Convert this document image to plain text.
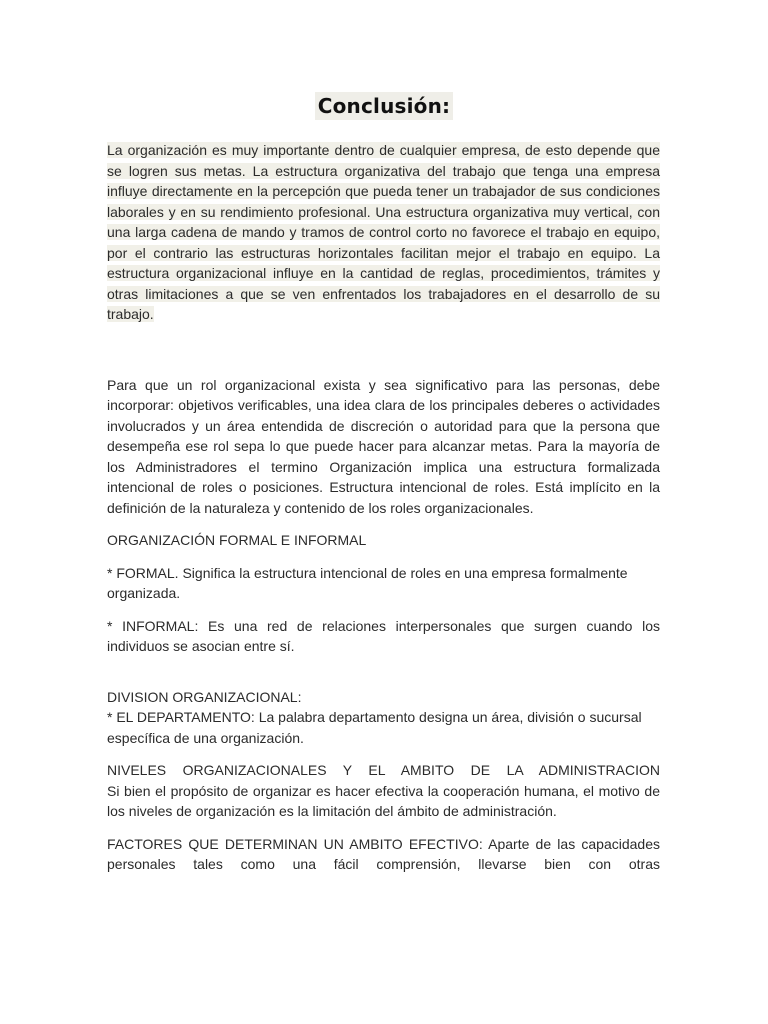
Conclusión:

La organización es muy importante dentro de cualquier empresa, de esto depende que se logren sus metas. La estructura organizativa del trabajo que tenga una empresa influye directamente en la percepción que pueda tener un trabajador de sus condiciones laborales y en su rendimiento profesional. Una estructura organizativa muy vertical, con una larga cadena de mando y tramos de control corto no favorece el trabajo en equipo, por el contrario las estructuras horizontales facilitan mejor el trabajo en equipo. La estructura organizacional influye en la cantidad de reglas, procedimientos, trámites y otras limitaciones a que se ven enfrentados los trabajadores en el desarrollo de su trabajo.

Para que un rol organizacional exista y sea significativo para las personas, debe incorporar: objetivos verificables, una idea clara de los principales deberes o actividades involucrados y un área entendida de discreción o autoridad para que la persona que desempeña ese rol sepa lo que puede hacer para alcanzar metas. Para la mayoría de los Administradores el termino Organización implica una estructura formalizada intencional de roles o posiciones. Estructura intencional de roles. Está implícito en la definición de la naturaleza y contenido de los roles organizacionales.

ORGANIZACIÓN FORMAL E INFORMAL

* FORMAL. Significa la estructura intencional de roles en una empresa formalmente organizada.

* INFORMAL: Es una red de relaciones interpersonales que surgen cuando los individuos se asocian entre sí.

DIVISION ORGANIZACIONAL:

* EL DEPARTAMENTO: La palabra departamento designa un área, división o sucursal específica de una organización.

NIVELES ORGANIZACIONALES Y EL AMBITO DE LA ADMINISTRACION

Si bien el propósito de organizar es hacer efectiva la cooperación humana, el motivo de los niveles de organización es la limitación del ámbito de administración.

FACTORES QUE DETERMINAN UN AMBITO EFECTIVO: Aparte de las capacidades personales tales como una fácil comprensión, llevarse bien con otras
